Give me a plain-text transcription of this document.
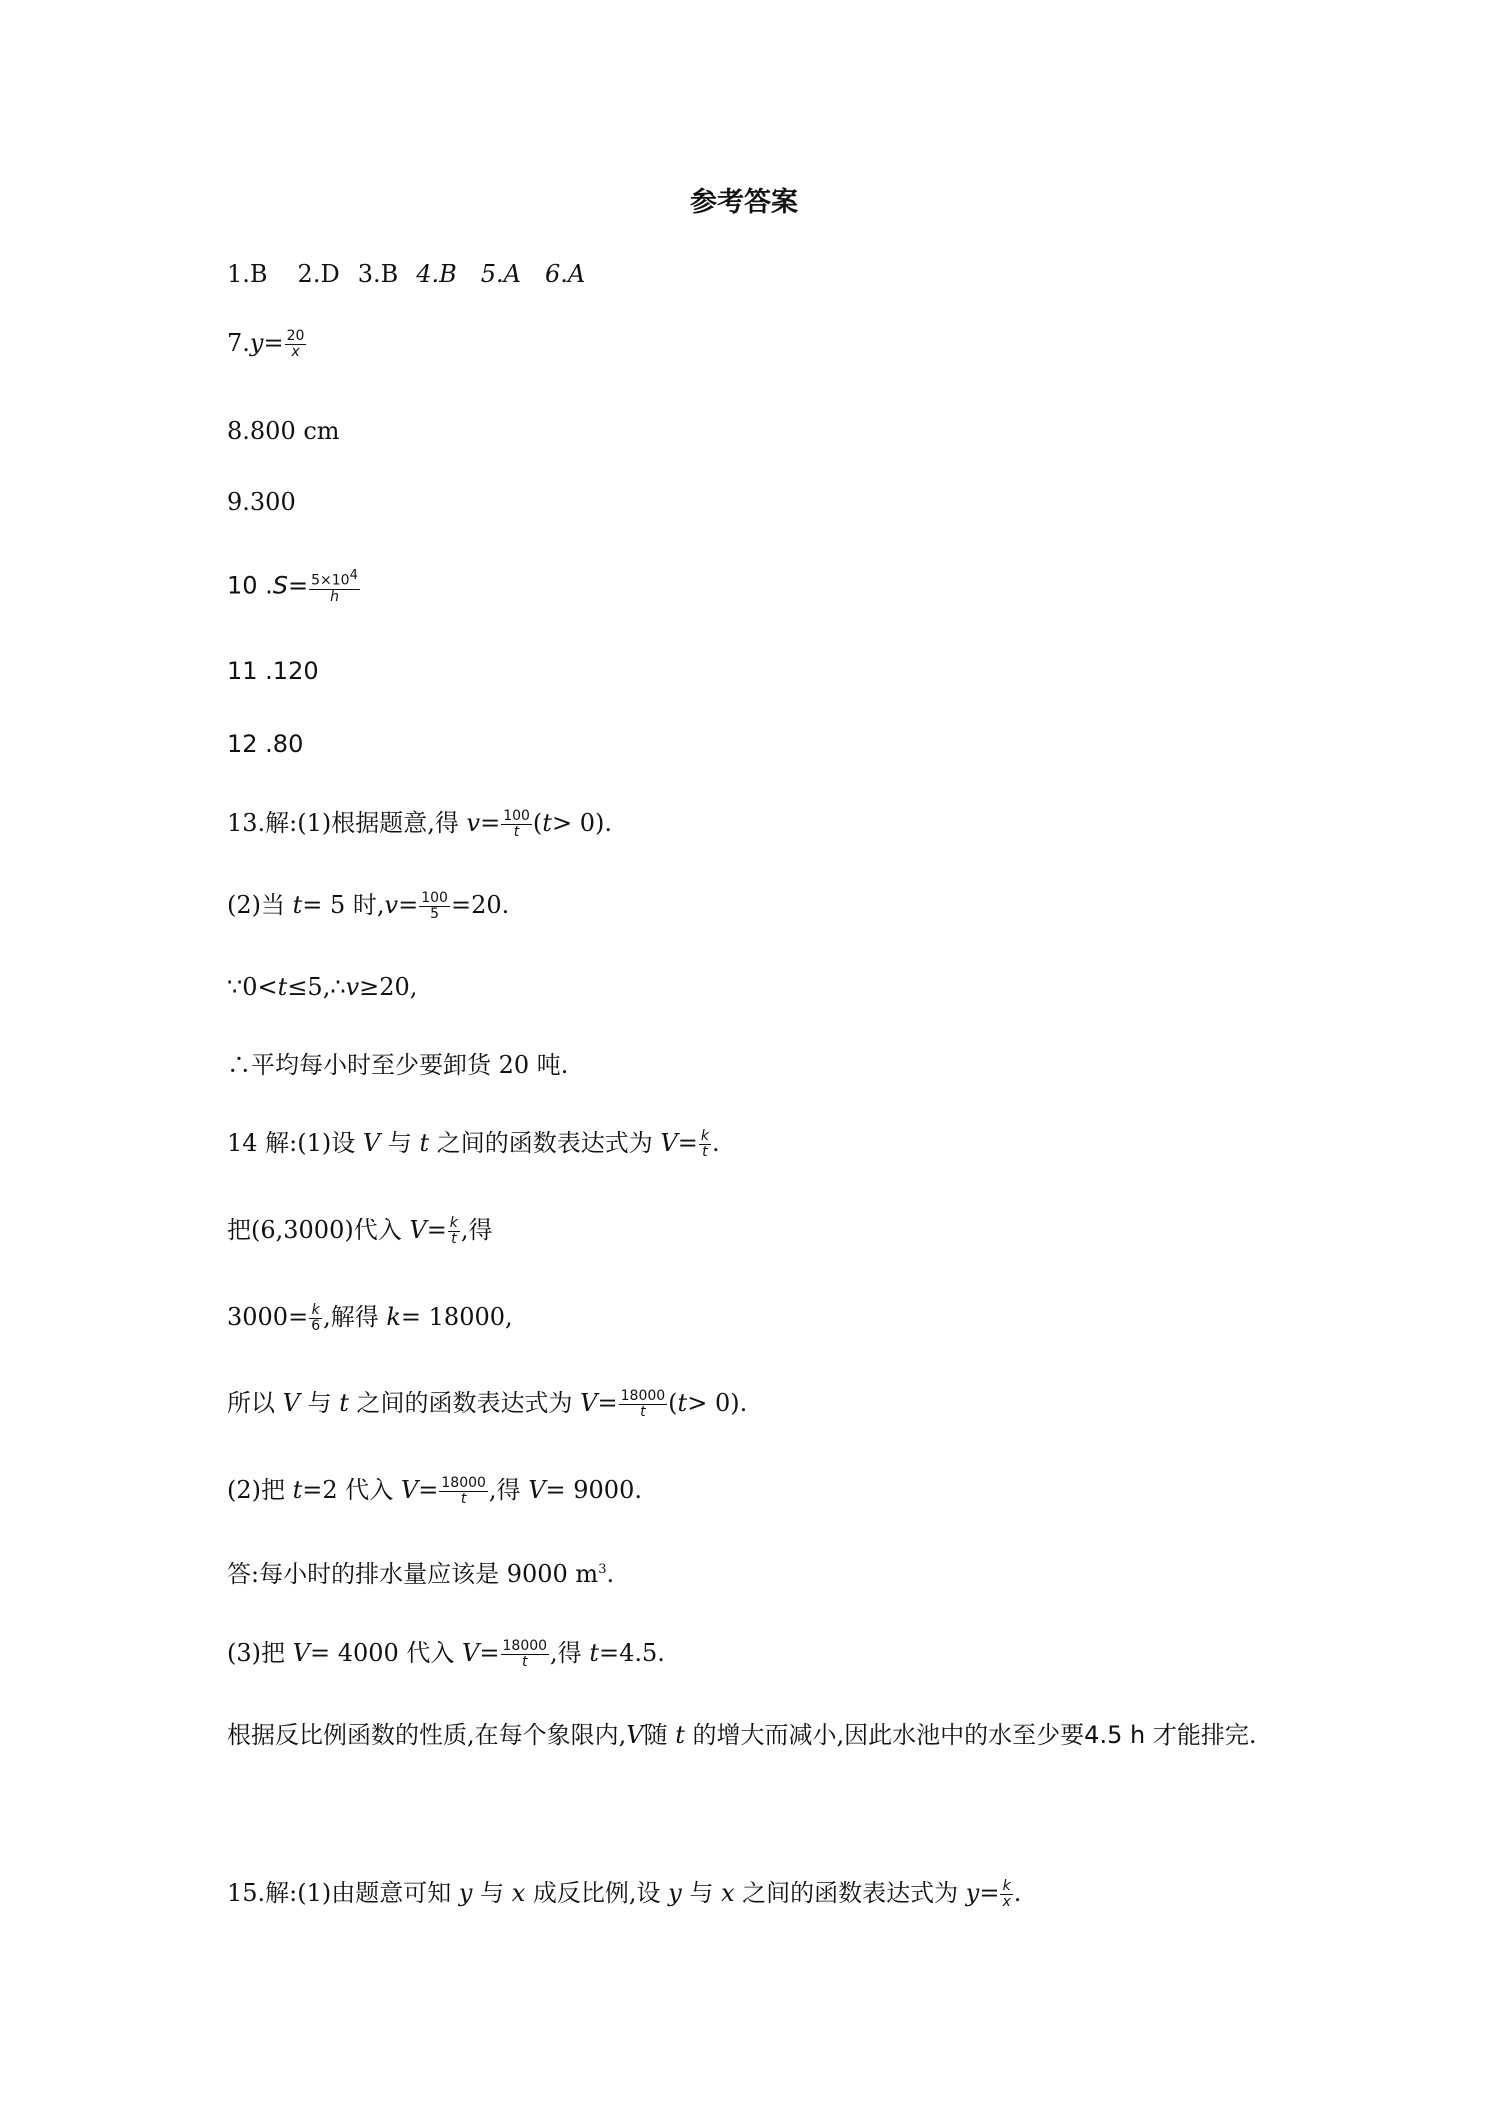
参考答案
1.B 2.D 3.B 4.B 5.A 6.A
$7.y= \frac{20}{x}$
8.800 cm
9.300
10 $.S= \frac{5\times 10^4}{h}$
11 .120
12 .80
13.解:(1)根据题意,得 $v= \frac{100}{t} (t> 0)$.
(2)当 t= 5 时$,v= \frac{100}{5} =20$.
∵0<t≤5,∴v≥20,
∴平均每小时至少要卸货 20 吨.
14 解:(1)设 V 与 t 之间的函数表达式为 $V= \frac{k}{t}$ .
把(6,3000)代入 $V= \frac{k}{t}$ ,得
$3000= \frac{k}{6}$ ,解得 k= 18000,
所以 V 与 t 之间的函数表达式为 $V= \frac{18000}{t} (t> 0)$.
(2)把 t=2 代入 $V= \frac{18000}{t}$ ,得 V= 9000.
答:每小时的排水量应该是 9000 $m^3$.
(3)把 V= 4000 代入 $V= \frac{18000}{t}$ ,得 t=4.5.
根据反比例函数的性质,在每个象限内,V随 t 的增大而减小,因此水池中的水至少要4.5 h 才能排完.
15.解:(1)由题意可知 y 与 x 成反比例,设 y 与 x 之间的函数表达式为 $y= \frac{k}{x}$ .
